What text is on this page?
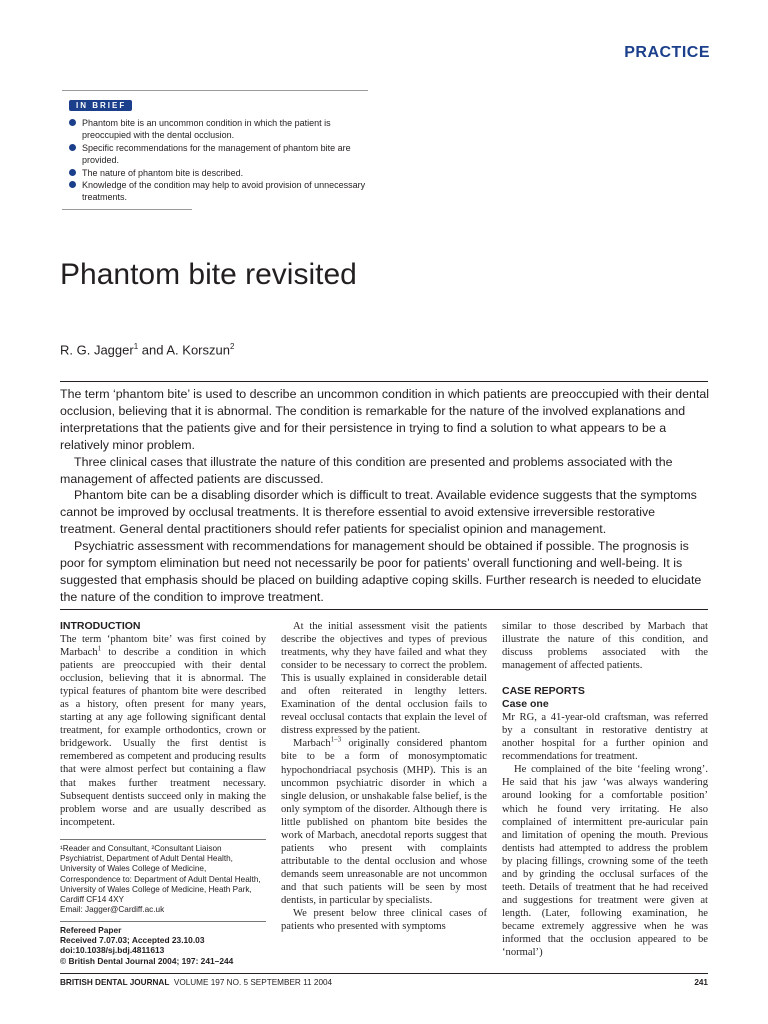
PRACTICE
IN BRIEF
Phantom bite is an uncommon condition in which the patient is preoccupied with the dental occlusion.
Specific recommendations for the management of phantom bite are provided.
The nature of phantom bite is described.
Knowledge of the condition may help to avoid provision of unnecessary treatments.
Phantom bite revisited
R. G. Jagger$^1$ and A. Korszun$^2$

The term ‘phantom bite’ is used to describe an uncommon condition in which patients are preoccupied with their dental occlusion, believing that it is abnormal. The condition is remarkable for the nature of the involved explanations and interpretations that the patients give and for their persistence in trying to find a solution to what appears to be a relatively minor problem.

Three clinical cases that illustrate the nature of this condition are presented and problems associated with the management of affected patients are discussed.

Phantom bite can be a disabling disorder which is difficult to treat. Available evidence suggests that the symptoms cannot be improved by occlusal treatments. It is therefore essential to avoid extensive irreversible restorative treatment. General dental practitioners should refer patients for specialist opinion and management.

Psychiatric assessment with recommendations for management should be obtained if possible. The prognosis is poor for symptom elimination but need not necessarily be poor for patients’ overall functioning and well-being. It is suggested that emphasis should be placed on building adaptive coping skills. Further research is needed to elucidate the nature of the condition to improve treatment.

INTRODUCTION

The term ‘phantom bite’ was first coined by Marbach$^1$ to describe a condition in which patients are preoccupied with their dental occlusion, believing that it is abnormal. The typical features of phantom bite were described as a history, often present for many years, starting at any age following significant dental treatment, for example orthodontics, crown or bridgework. Usually the first dentist is remembered as competent and producing results that were almost perfect but containing a flaw that makes further treatment necessary. Subsequent dentists succeed only in making the problem worse and are usually described as incompetent.

¹Reader and Consultant, ²Consultant Liaison Psychiatrist, Department of Adult Dental Health, University of Wales College of Medicine,

Correspondence to: Department of Adult Dental Health, University of Wales College of Medicine, Heath Park, Cardiff CF14 4XY

Email: Jagger@Cardiff.ac.uk

Refereed Paper

Received 7.07.03; Accepted 23.10.03

doi:10.1038/sj.bdj.4811613

© British Dental Journal 2004; 197: 241–244

At the initial assessment visit the patients describe the objectives and types of previous treatments, why they have failed and what they consider to be necessary to correct the problem. This is usually explained in considerable detail and often reiterated in lengthy letters. Examination of the dental occlusion fails to reveal occlusal contacts that explain the level of distress expressed by the patient.

Marbach$^{1-3}$ originally considered phantom bite to be a form of monosymptomatic hypochondriacal psychosis (MHP). This is an uncommon psychiatric disorder in which a single delusion, or unshakable false belief, is the only symptom of the disorder. Although there is little published on phantom bite besides the work of Marbach, anecdotal reports suggest that patients who present with complaints attributable to the dental occlusion and whose demands seem unreasonable are not uncommon and that such patients will be seen by most dentists, in particular by specialists.

We present below three clinical cases of patients who presented with symptoms

similar to those described by Marbach that illustrate the nature of this condition, and discuss problems associated with the management of affected patients.

CASE REPORTS
Case one

Mr RG, a 41-year-old craftsman, was referred by a consultant in restorative dentistry at another hospital for a further opinion and recommendations for treatment.

He complained of the bite ‘feeling wrong’. He said that his jaw ‘was always wandering around looking for a comfortable position’ which he found very irritating. He also complained of intermittent pre-auricular pain and limitation of opening the mouth. Previous dentists had attempted to address the problem by placing fillings, crowning some of the teeth and by grinding the occlusal surfaces of the teeth. Details of treatment that he had received and suggestions for treatment were given at length. (Later, following examination, he became extremely aggressive when he was informed that the occlusion appeared to be ‘normal’)

BRITISH DENTAL JOURNAL VOLUME 197 NO. 5 SEPTEMBER 11 2004	241
